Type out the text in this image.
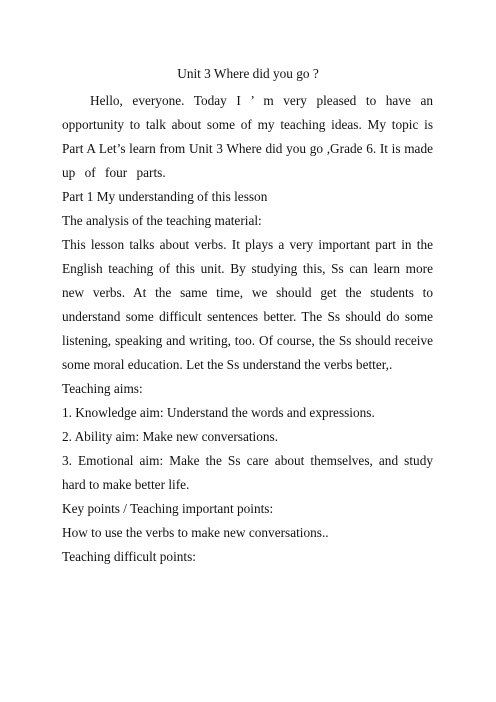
Unit 3 Where did you go ?
Hello, everyone. Today I ’ m very pleased to have an
opportunity to talk about some of my teaching ideas. My topic is
Part A Let’s learn from Unit 3 Where did you go ,Grade 6. It is made
up of four parts.
Part 1 My understanding of this lesson
The analysis of the teaching material:
This lesson talks about verbs. It plays a very important part in the
English teaching of this unit. By studying this, Ss can learn more
new verbs. At the same time, we should get the students to
understand some difficult sentences better. The Ss should do some
listening, speaking and writing, too. Of course, the Ss should receive
some moral education. Let the Ss understand the verbs better,.
Teaching aims:
1. Knowledge aim: Understand the words and expressions.
2. Ability aim: Make new conversations.
3. Emotional aim: Make the Ss care about themselves, and study
hard to make better life.
Key points / Teaching important points:
How to use the verbs to make new conversations..
Teaching difficult points:
